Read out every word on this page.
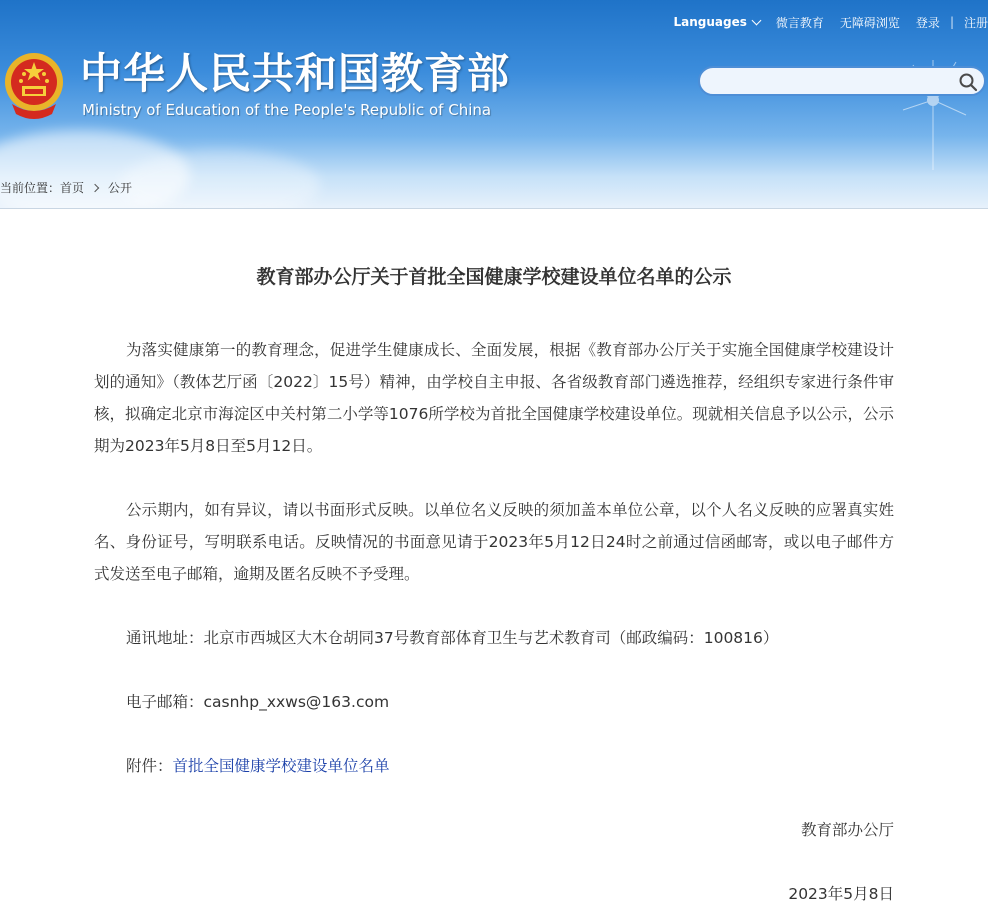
Languages 微言教育 无障碍浏览 登录 | 注册
中华人民共和国教育部
Ministry of Education of the People's Republic of China
当前位置： 首页 公开
教育部办公厅关于首批全国健康学校建设单位名单的公示

为落实健康第一的教育理念，促进学生健康成长、全面发展，根据《教育部办公厅关于实施全国健康学校建设计划的通知》（教体艺厅函〔2022〕15号）精神，由学校自主申报、各省级教育部门遴选推荐，经组织专家进行条件审核，拟确定北京市海淀区中关村第二小学等1076所学校为首批全国健康学校建设单位。现就相关信息予以公示，公示期为2023年5月8日至5月12日。

公示期内，如有异议，请以书面形式反映。以单位名义反映的须加盖本单位公章，以个人名义反映的应署真实姓名、身份证号，写明联系电话。反映情况的书面意见请于2023年5月12日24时之前通过信函邮寄，或以电子邮件方式发送至电子邮箱，逾期及匿名反映不予受理。

通讯地址：北京市西城区大木仓胡同37号教育部体育卫生与艺术教育司（邮政编码：100816）

电子邮箱：casnhp_xxws@163.com

附件：首批全国健康学校建设单位名单

教育部办公厅
2023年5月8日
